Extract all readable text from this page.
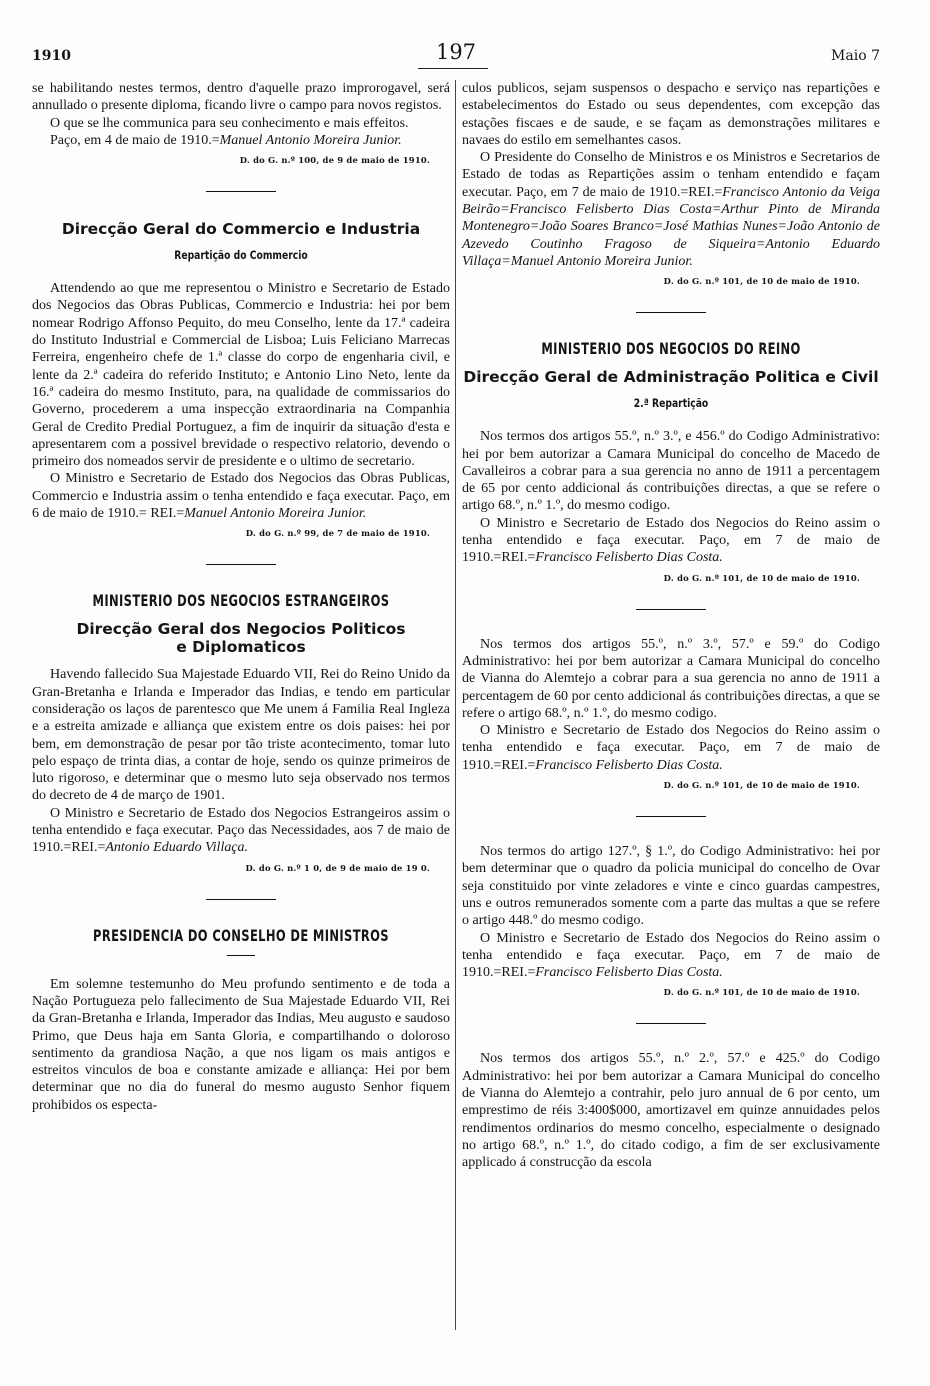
1910	197	Maio 7

se habilitando nestes termos, dentro d'aquelle prazo improrogavel, será annullado o presente diploma, ficando livre o campo para novos registos.

O que se lhe communica para seu conhecimento e mais effeitos.

Paço, em 4 de maio de 1910.=Manuel Antonio Moreira Junior.

D. do G. n.º 100, de 9 de maio de 1910.
Direcção Geral do Commercio e Industria
Repartição do Commercio

Attendendo ao que me representou o Ministro e Secretario de Estado dos Negocios das Obras Publicas, Commercio e Industria: hei por bem nomear Rodrigo Affonso Pequito, do meu Conselho, lente da 17.ª cadeira do Instituto Industrial e Commercial de Lisboa; Luis Feliciano Marrecas Ferreira, engenheiro chefe de 1.ª classe do corpo de engenharia civil, e lente da 2.ª cadeira do referido Instituto; e Antonio Lino Neto, lente da 16.ª cadeira do mesmo Instituto, para, na qualidade de commissarios do Governo, procederem a uma inspecção extraordinaria na Companhia Geral de Credito Predial Portuguez, a fim de inquirir da situação d'esta e apresentarem com a possivel brevidade o respectivo relatorio, devendo o primeiro dos nomeados servir de presidente e o ultimo de secretario.

O Ministro e Secretario de Estado dos Negocios das Obras Publicas, Commercio e Industria assim o tenha entendido e faça executar. Paço, em 6 de maio de 1910.= REI.=Manuel Antonio Moreira Junior.

D. do G. n.º 99, de 7 de maio de 1910.
MINISTERIO DOS NEGOCIOS ESTRANGEIROS
Direcção Geral dos Negocios Politicos
e Diplomaticos

Havendo fallecido Sua Majestade Eduardo VII, Rei do Reino Unido da Gran-Bretanha e Irlanda e Imperador das Indias, e tendo em particular consideração os laços de parentesco que Me unem á Familia Real Ingleza e a estreita amizade e alliança que existem entre os dois paises: hei por bem, em demonstração de pesar por tão triste acontecimento, tomar luto pelo espaço de trinta dias, a contar de hoje, sendo os quinze primeiros de luto rigoroso, e determinar que o mesmo luto seja observado nos termos do decreto de 4 de março de 1901.

O Ministro e Secretario de Estado dos Negocios Estrangeiros assim o tenha entendido e faça executar. Paço das Necessidades, aos 7 de maio de 1910.=REI.=Antonio Eduardo Villaça.

D. do G. n.º 1 0, de 9 de maio de 19 0.
PRESIDENCIA DO CONSELHO DE MINISTROS

Em solemne testemunho do Meu profundo sentimento e de toda a Nação Portugueza pelo fallecimento de Sua Majestade Eduardo VII, Rei da Gran-Bretanha e Irlanda, Imperador das Indias, Meu augusto e saudoso Primo, que Deus haja em Santa Gloria, e compartilhando o doloroso sentimento da grandiosa Nação, a que nos ligam os mais antigos e estreitos vinculos de boa e constante amizade e alliança: Hei por bem determinar que no dia do funeral do mesmo augusto Senhor fiquem prohibidos os especta-

culos publicos, sejam suspensos o despacho e serviço nas repartições e estabelecimentos do Estado ou seus dependentes, com excepção das estações fiscaes e de saude, e se façam as demonstrações militares e navaes do estilo em semelhantes casos.

O Presidente do Conselho de Ministros e os Ministros e Secretarios de Estado de todas as Repartições assim o tenham entendido e façam executar. Paço, em 7 de maio de 1910.=REI.=Francisco Antonio da Veiga Beirão=Francisco Felisberto Dias Costa=Arthur Pinto de Miranda Montenegro=João Soares Branco=José Mathias Nunes=João Antonio de Azevedo Coutinho Fragoso de Siqueira=Antonio Eduardo Villaça=Manuel Antonio Moreira Junior.

D. do G. n.º 101, de 10 de maio de 1910.
MINISTERIO DOS NEGOCIOS DO REINO
Direcção Geral de Administração Politica e Civil
2.ª Repartição

Nos termos dos artigos 55.º, n.º 3.º, e 456.º do Codigo Administrativo: hei por bem autorizar a Camara Municipal do concelho de Macedo de Cavalleiros a cobrar para a sua gerencia no anno de 1911 a percentagem de 65 por cento addicional ás contribuições directas, a que se refere o artigo 68.º, n.º 1.º, do mesmo codigo.

O Ministro e Secretario de Estado dos Negocios do Reino assim o tenha entendido e faça executar. Paço, em 7 de maio de 1910.=REI.=Francisco Felisberto Dias Costa.

D. do G. n.º 101, de 10 de maio de 1910.

Nos termos dos artigos 55.º, n.º 3.º, 57.º e 59.º do Codigo Administrativo: hei por bem autorizar a Camara Municipal do concelho de Vianna do Alemtejo a cobrar para a sua gerencia no anno de 1911 a percentagem de 60 por cento addicional ás contribuições directas, a que se refere o artigo 68.º, n.º 1.º, do mesmo codigo.

O Ministro e Secretario de Estado dos Negocios do Reino assim o tenha entendido e faça executar. Paço, em 7 de maio de 1910.=REI.=Francisco Felisberto Dias Costa.

D. do G. n.º 101, de 10 de maio de 1910.

Nos termos do artigo 127.º, § 1.º, do Codigo Administrativo: hei por bem determinar que o quadro da policia municipal do concelho de Ovar seja constituido por vinte zeladores e vinte e cinco guardas campestres, uns e outros remunerados somente com a parte das multas a que se refere o artigo 448.º do mesmo codigo.

O Ministro e Secretario de Estado dos Negocios do Reino assim o tenha entendido e faça executar. Paço, em 7 de maio de 1910.=REI.=Francisco Felisberto Dias Costa.

D. do G. n.º 101, de 10 de maio de 1910.

Nos termos dos artigos 55.º, n.º 2.º, 57.º e 425.º do Codigo Administrativo: hei por bem autorizar a Camara Municipal do concelho de Vianna do Alemtejo a contrahir, pelo juro annual de 6 por cento, um emprestimo de réis 3:400$000, amortizavel em quinze annuidades pelos rendimentos ordinarios do mesmo concelho, especialmente o designado no artigo 68.º, n.º 1.º, do citado codigo, a fim de ser exclusivamente applicado á construcção da escola
